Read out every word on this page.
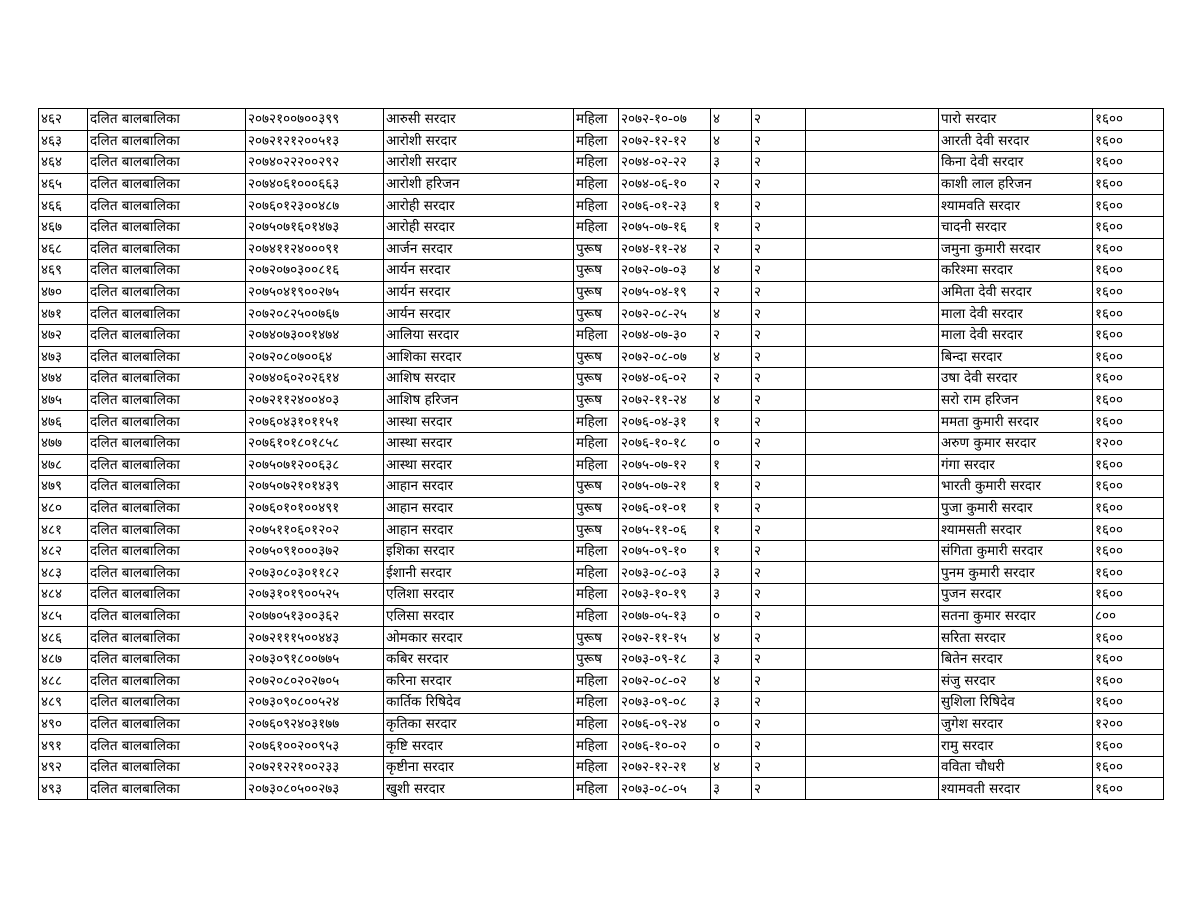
४६२	दलित बालबालिका	२०७२१००७००३९९	आरुसी सरदार	महिला	२०७२-१०-०७	४	२		पारो सरदार	१६००
४६३	दलित बालबालिका	२०७२१२१२००५१३	आरोशी सरदार	महिला	२०७२-१२-१२	४	२		आरती देवी सरदार	१६००
४६४	दलित बालबालिका	२०७४०२२२००२९२	आरोशी सरदार	महिला	२०७४-०२-२२	३	२		किना देवी सरदार	१६००
४६५	दलित बालबालिका	२०७४०६१०००६६३	आरोशी हरिजन	महिला	२०७४-०६-१०	२	२		काशी लाल हरिजन	१६००
४६६	दलित बालबालिका	२०७६०१२३००४८७	आरोही सरदार	महिला	२०७६-०१-२३	१	२		श्यामवति सरदार	१६००
४६७	दलित बालबालिका	२०७५०७१६०१४७३	आरोही सरदार	महिला	२०७५-०७-१६	१	२		चादनी सरदार	१६००
४६८	दलित बालबालिका	२०७४११२४०००९१	आर्जन सरदार	पुरूष	२०७४-११-२४	२	२		जमुना कुमारी सरदार	१६००
४६९	दलित बालबालिका	२०७२०७०३००८१६	आर्यन सरदार	पुरूष	२०७२-०७-०३	४	२		करिश्मा सरदार	१६००
४७०	दलित बालबालिका	२०७५०४१९००२७५	आर्यन सरदार	पुरूष	२०७५-०४-१९	२	२		अमिता देवी सरदार	१६००
४७१	दलित बालबालिका	२०७२०८२५००७६७	आर्यन सरदार	पुरूष	२०७२-०८-२५	४	२		माला देवी सरदार	१६००
४७२	दलित बालबालिका	२०७४०७३००१४७४	आलिया सरदार	महिला	२०७४-०७-३०	२	२		माला देवी सरदार	१६००
४७३	दलित बालबालिका	२०७२०८०७००६४	आशिका सरदार	पुरूष	२०७२-०८-०७	४	२		बिन्दा सरदार	१६००
४७४	दलित बालबालिका	२०७४०६०२०२६१४	आशिष सरदार	पुरूष	२०७४-०६-०२	२	२		उषा देवी सरदार	१६००
४७५	दलित बालबालिका	२०७२११२४००४०३	आशिष हरिजन	पुरूष	२०७२-११-२४	४	२		सरो राम हरिजन	१६००
४७६	दलित बालबालिका	२०७६०४३१०११५१	आस्था सरदार	महिला	२०७६-०४-३१	१	२		ममता कुमारी सरदार	१६००
४७७	दलित बालबालिका	२०७६१०१८०१८५८	आस्था सरदार	महिला	२०७६-१०-१८	०	२		अरुण कुमार सरदार	१२००
४७८	दलित बालबालिका	२०७५०७१२००६३८	आस्था सरदार	महिला	२०७५-०७-१२	१	२		गंगा सरदार	१६००
४७९	दलित बालबालिका	२०७५०७२१०१४३९	आहान सरदार	पुरूष	२०७५-०७-२१	१	२		भारती कुमारी सरदार	१६००
४८०	दलित बालबालिका	२०७६०१०१००४९१	आहान सरदार	पुरूष	२०७६-०१-०१	१	२		पुजा कुमारी सरदार	१६००
४८१	दलित बालबालिका	२०७५११०६०१२०२	आहान सरदार	पुरूष	२०७५-११-०६	१	२		श्यामसती सरदार	१६००
४८२	दलित बालबालिका	२०७५०९१०००३७२	इशिका सरदार	महिला	२०७५-०९-१०	१	२		संगिता कुमारी सरदार	१६००
४८३	दलित बालबालिका	२०७३०८०३०११८२	ईशानी सरदार	महिला	२०७३-०८-०३	३	२		पुनम कुमारी सरदार	१६००
४८४	दलित बालबालिका	२०७३१०१९००५२५	एलिशा सरदार	महिला	२०७३-१०-१९	३	२		पुजन सरदार	१६००
४८५	दलित बालबालिका	२०७७०५१३००३६२	एलिसा सरदार	महिला	२०७७-०५-१३	०	२		सतना कुमार सरदार	८००
४८६	दलित बालबालिका	२०७२१११५००४४३	ओमकार सरदार	पुरूष	२०७२-११-१५	४	२		सरिता सरदार	१६००
४८७	दलित बालबालिका	२०७३०९१८००७७५	कबिर सरदार	पुरूष	२०७३-०९-१८	३	२		बितेन सरदार	१६००
४८८	दलित बालबालिका	२०७२०८०२०२७०५	करिना सरदार	महिला	२०७२-०८-०२	४	२		संजु सरदार	१६००
४८९	दलित बालबालिका	२०७३०९०८००५२४	कार्तिक रिषिदेव	महिला	२०७३-०९-०८	३	२		सुशिला रिषिदेव	१६००
४९०	दलित बालबालिका	२०७६०९२४०३१७७	कृतिका सरदार	महिला	२०७६-०९-२४	०	२		जुगेश सरदार	१२००
४९१	दलित बालबालिका	२०७६१००२००९५३	कृष्टि सरदार	महिला	२०७६-१०-०२	०	२		रामु सरदार	१६००
४९२	दलित बालबालिका	२०७२१२२१००२३३	कृष्टीना सरदार	महिला	२०७२-१२-२१	४	२		वविता चौधरी	१६००
४९३	दलित बालबालिका	२०७३०८०५००२७३	खुशी सरदार	महिला	२०७३-०८-०५	३	२		श्यामवती सरदार	१६००
